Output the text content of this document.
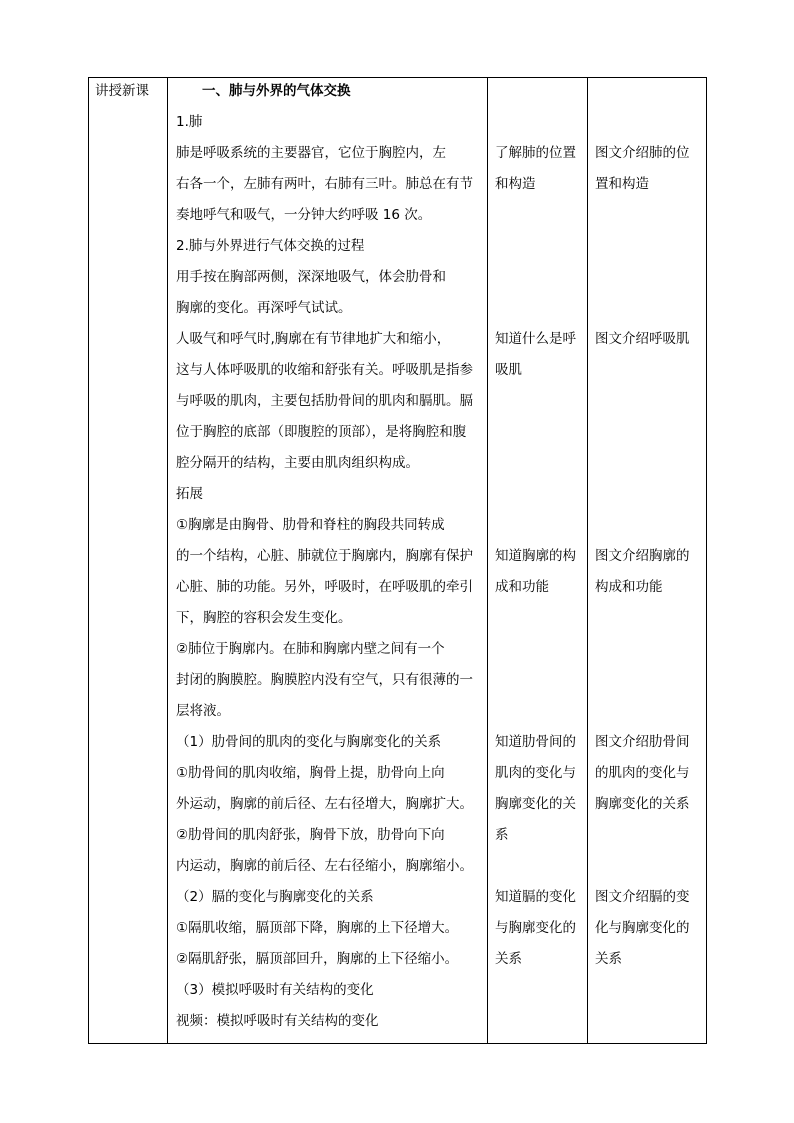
讲授新课	一、肺与外界的气体交换
1.肺
肺是呼吸系统的主要器官，它位于胸腔内，左
右各一个，左肺有两叶，右肺有三叶。肺总在有节
奏地呼气和吸气，一分钟大约呼吸 16 次。
了解肺的位置
和构造
图文介绍肺的位
置和构造
2.肺与外界进行气体交换的过程
用手按在胸部两侧，深深地吸气，体会肋骨和
胸廓的变化。再深呼气试试。
人吸气和呼气时,胸廓在有节律地扩大和缩小，
这与人体呼吸肌的收缩和舒张有关。呼吸肌是指参
与呼吸的肌肉，主要包括肋骨间的肌肉和膈肌。膈
位于胸腔的底部（即腹腔的顶部），是将胸腔和腹
腔分隔开的结构，主要由肌肉组织构成。
拓展
知道什么是呼
吸肌
图文介绍呼吸肌
①胸廓是由胸骨、肋骨和脊柱的胸段共同转成
的一个结构，心脏、肺就位于胸廓内，胸廓有保护
心脏、肺的功能。另外，呼吸时，在呼吸肌的牵引
下，胸腔的容积会发生变化。
②肺位于胸廓内。在肺和胸廓内壁之间有一个
封闭的胸膜腔。胸膜腔内没有空气，只有很薄的一
层将液。
知道胸廓的构
成和功能
图文介绍胸廓的
构成和功能
（1）肋骨间的肌肉的变化与胸廓变化的关系
①肋骨间的肌肉收缩，胸骨上提，肋骨向上向
外运动，胸廓的前后径、左右径增大，胸廓扩大。
②肋骨间的肌肉舒张，胸骨下放，肋骨向下向
内运动，胸廓的前后径、左右径缩小，胸廓缩小。
知道肋骨间的
肌肉的变化与
胸廓变化的关
系
图文介绍肋骨间
的肌肉的变化与
胸廓变化的关系
（2）膈的变化与胸廓变化的关系
①隔肌收缩，膈顶部下降，胸廓的上下径增大。
②隔肌舒张，膈顶部回升，胸廓的上下径缩小。
（3）模拟呼吸时有关结构的变化
视频：模拟呼吸时有关结构的变化
知道膈的变化
与胸廓变化的
关系
图文介绍膈的变
化与胸廓变化的
关系
